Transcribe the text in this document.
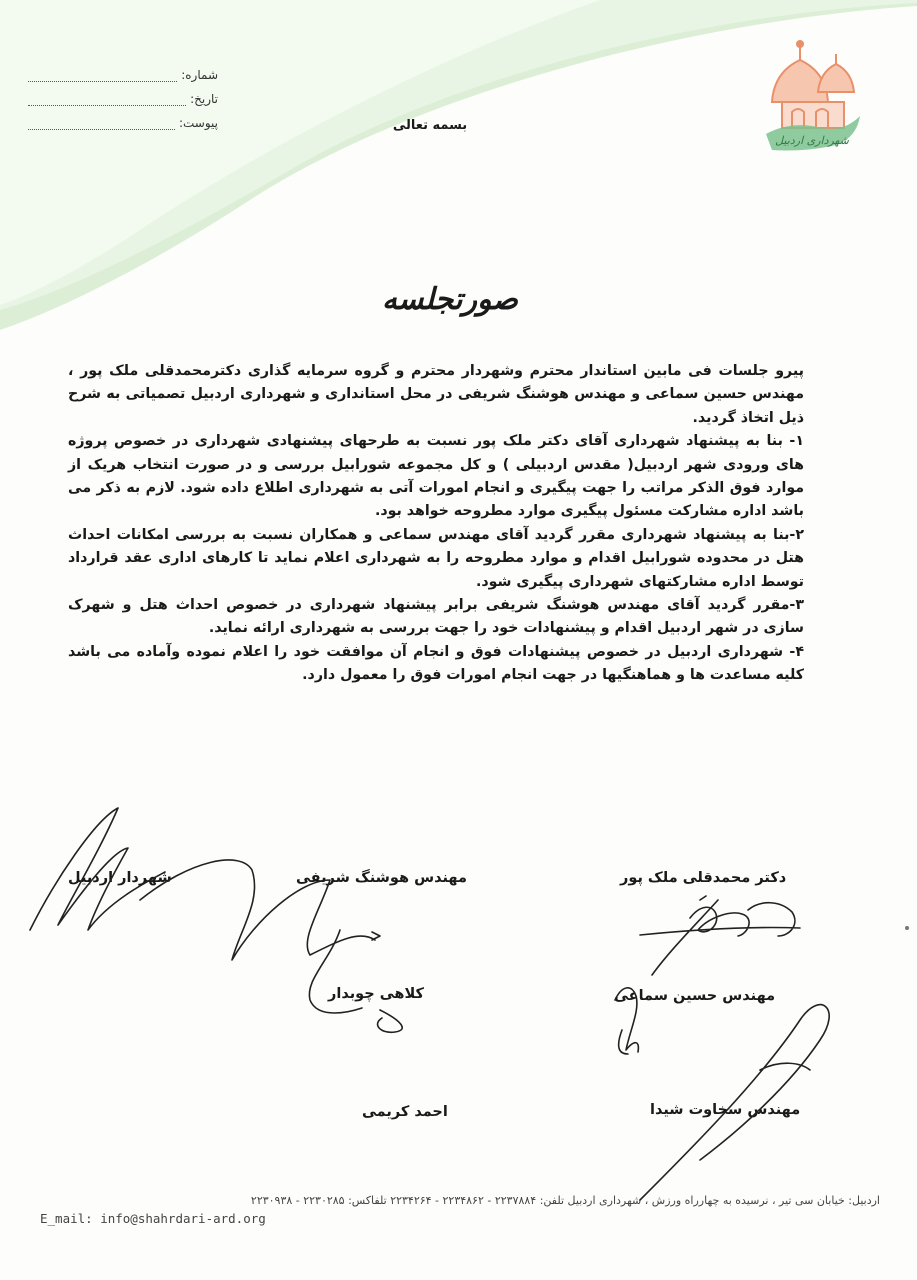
شماره:
تاریخ:
پیوست:	بسمه تعالی
شهرداری اردبیل
صورتجلسه

پیرو جلسات فی مابین استاندار محترم وشهردار محترم و گروه سرمایه گذاری دکترمحمدقلی ملک پور ، مهندس حسین سماعی و مهندس هوشنگ شریفی در محل استانداری و شهرداری اردبیل تصمیاتی به شرح ذیل اتخاذ گردید.

۱- بنا به پیشنهاد شهرداری آقای دکتر ملک پور نسبت به طرحهای پیشنهادی شهرداری در خصوص پروژه های ورودی شهر اردبیل( مقدس اردبیلی ) و کل مجموعه شورابیل بررسی و در صورت انتخاب هریک از موارد فوق الذکر مراتب را جهت پیگیری و انجام امورات آتی به شهرداری اطلاع داده شود. لازم به ذکر می باشد اداره مشارکت مسئول پیگیری موارد مطروحه خواهد بود.

۲-بنا به پیشنهاد شهرداری مقرر گردید آقای مهندس سماعی و همکاران نسبت به بررسی امکانات احداث هتل در محدوده شورابیل اقدام و موارد مطروحه را به شهرداری اعلام نماید تا کارهای اداری عقد قرارداد توسط اداره مشارکتهای شهرداری پیگیری شود.

۳-مقرر گردید آقای مهندس هوشنگ شریفی برابر پیشنهاد شهرداری در خصوص احداث هتل و شهرک سازی در شهر اردبیل اقدام و پیشنهادات خود را جهت بررسی به شهرداری ارائه نماید.

۴- شهرداری اردبیل در خصوص پیشنهادات فوق و انجام آن موافقت خود را اعلام نموده وآماده می باشد کلیه مساعدت ها و هماهنگیها در جهت انجام امورات فوق را معمول دارد.

شهردار اردبیل	مهندس هوشنگ شریفی	دکتر محمدقلی ملک پور
کلاهی چوبدار	مهندس حسین سماعی
احمد کریمی	مهندس سخاوت شیدا
اردبیل: خیابان سی تیر ، نرسیده به چهارراه ورزش ، شهرداری اردبیل تلفن: ۲۲۳۷۸۸۴ - ۲۲۳۴۸۶۲ - ۲۲۳۴۲۶۴ تلفاکس: ۲۲۳۰۲۸۵ - ۲۲۳۰۹۳۸
E_mail: info@shahrdari-ard.org
